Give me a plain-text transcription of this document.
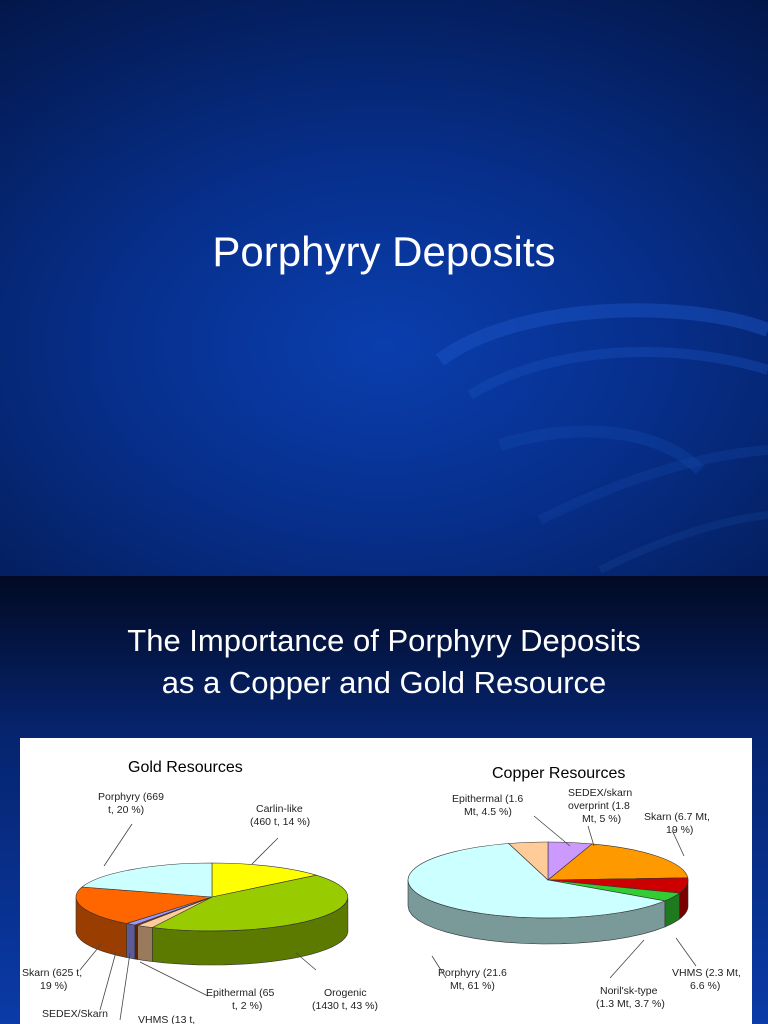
Porphyry Deposits
The Importance of Porphyry Deposits
as a Copper and Gold Resource
Gold Resources	Copper Resources
Porphyry (669 t, 20 %)	Carlin-like (460 t, 14 %)
Skarn (625 t, 19 %)
SEDEX/Skarn	VHMS (13 t,
Epithermal (65 t, 2 %)
Orogenic (1430 t, 43 %)
Epithermal (1.6 Mt, 4.5 %)
SEDEX/skarn overprint (1.8 Mt, 5 %)	Skarn (6.7 Mt, 19 %)
Porphyry (21.6 Mt, 61 %)	Noril'sk-type (1.3 Mt, 3.7 %)
VHMS (2.3 Mt, 6.6 %)
